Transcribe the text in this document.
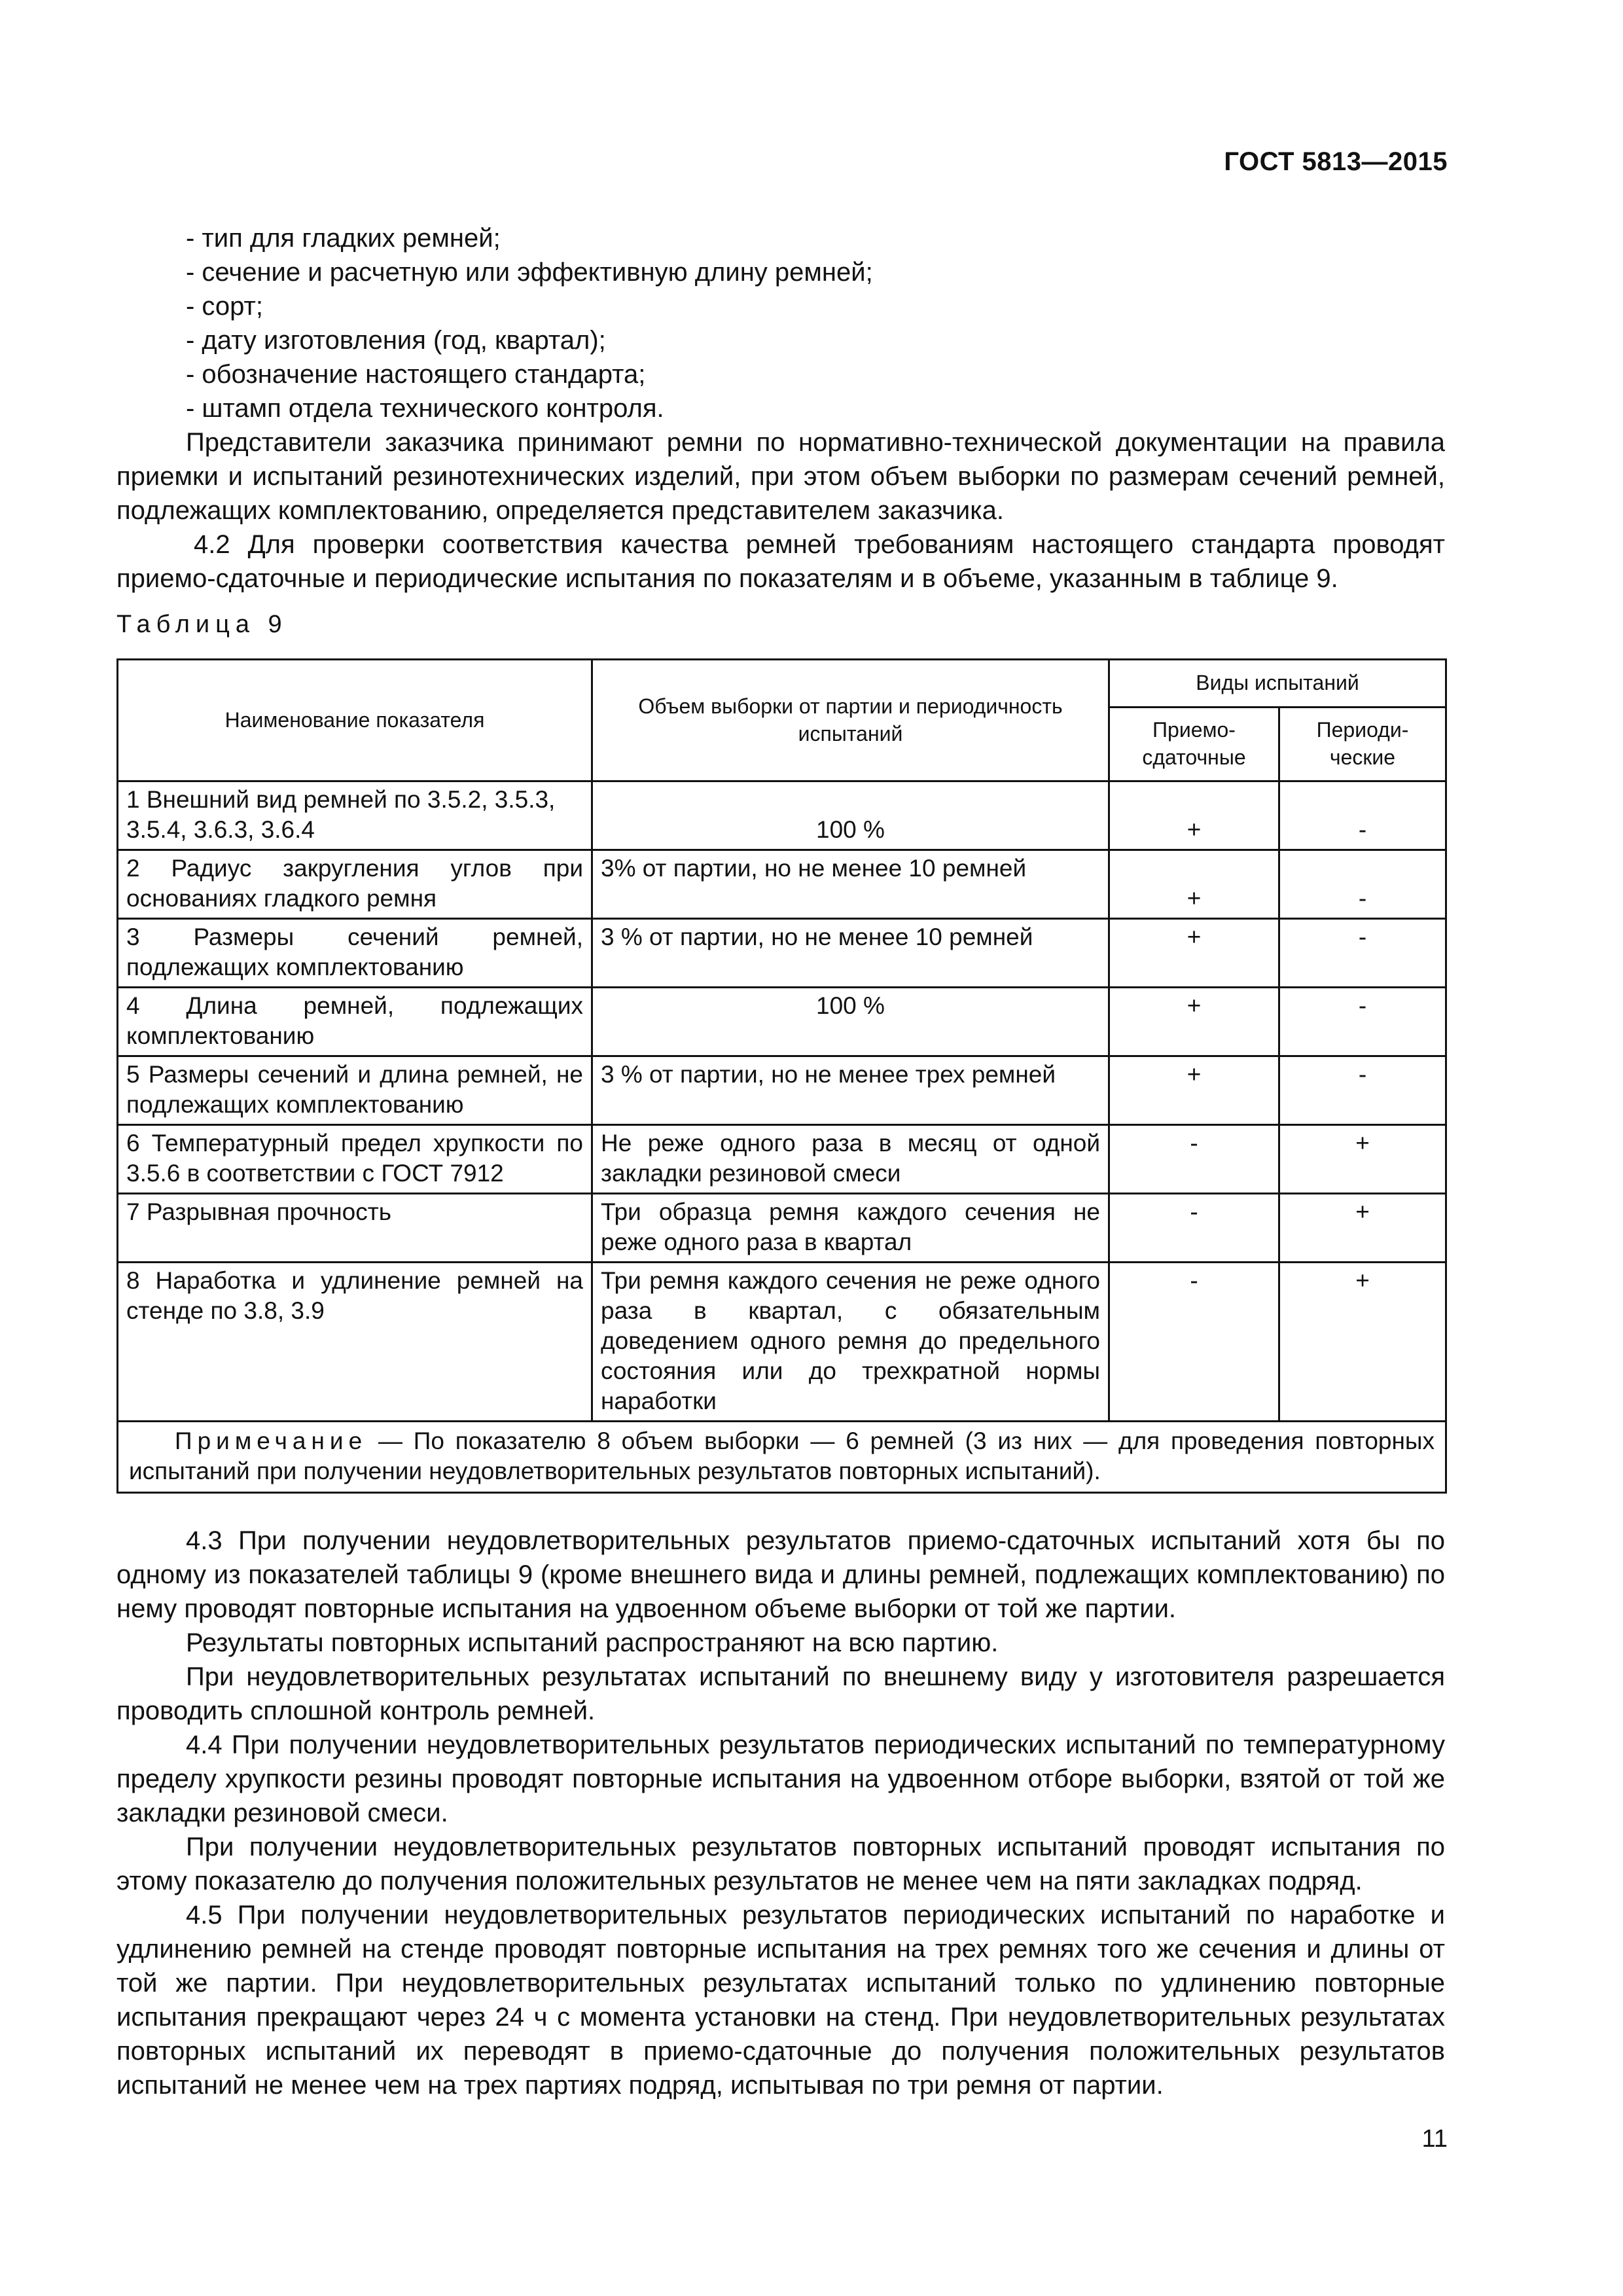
ГОСТ 5813—2015

- тип для гладких ремней;

- сечение и расчетную или эффективную длину ремней;

- сорт;

- дату изготовления (год, квартал);

- обозначение настоящего стандарта;

- штамп отдела технического контроля.

Представители заказчика принимают ремни по нормативно-технической документации на правила приемки и испытаний резинотехнических изделий, при этом объем выборки по размерам сечений ремней, подлежащих комплектованию, определяется представителем заказчика.

4.2 Для проверки соответствия качества ремней требованиям настоящего стандарта проводят приемо-сдаточные и периодические испытания по показателям и в объеме, указанным в таблице 9.

Таблица 9
Наименование показателя	Объем выборки от партии и периодичность испытаний	Виды испытаний	
		Приемо-сдаточные	Периоди-ческие
1 Внешний вид ремней по 3.5.2, 3.5.3, 3.5.4, 3.6.3, 3.6.4	100 %	+	-
2 Радиус закругления углов при основаниях гладкого ремня	3% от партии, но не менее 10 ремней	+	-
3 Размеры сечений ремней, подлежащих комплектованию	3 % от партии, но не менее 10 ремней	+	-
4 Длина ремней, подлежащих комплектованию	100 %	+	-
5 Размеры сечений и длина ремней, не подлежащих комплектованию	3 % от партии, но не менее трех ремней	+	-
6 Температурный предел хрупкости по 3.5.6 в соответствии с ГОСТ 7912	Не реже одного раза в месяц от одной закладки резиновой смеси	-	+
7 Разрывная прочность	Три образца ремня каждого сечения не реже одного раза в квартал	-	+
8 Наработка и удлинение ремней на стенде по 3.8, 3.9	Три ремня каждого сечения не реже одного раза в квартал, с обязательным доведением одного ремня до предельного состояния или до трехкратной нормы наработки	-	+
Примечание — По показателю 8 объем выборки — 6 ремней (3 из них — для проведения повторных испытаний при получении неудовлетворительных результатов повторных испытаний).			

4.3 При получении неудовлетворительных результатов приемо-сдаточных испытаний хотя бы по одному из показателей таблицы 9 (кроме внешнего вида и длины ремней, подлежащих комплектованию) по нему проводят повторные испытания на удвоенном объеме выборки от той же партии.

Результаты повторных испытаний распространяют на всю партию.

При неудовлетворительных результатах испытаний по внешнему виду у изготовителя разрешается проводить сплошной контроль ремней.

4.4 При получении неудовлетворительных результатов периодических испытаний по температурному пределу хрупкости резины проводят повторные испытания на удвоенном отборе выборки, взятой от той же закладки резиновой смеси.

При получении неудовлетворительных результатов повторных испытаний проводят испытания по этому показателю до получения положительных результатов не менее чем на пяти закладках подряд.

4.5 При получении неудовлетворительных результатов периодических испытаний по наработке и удлинению ремней на стенде проводят повторные испытания на трех ремнях того же сечения и длины от той же партии. При неудовлетворительных результатах испытаний только по удлинению повторные испытания прекращают через 24 ч с момента установки на стенд. При неудовлетворительных результатах повторных испытаний их переводят в приемо-сдаточные до получения положительных результатов испытаний не менее чем на трех партиях подряд, испытывая по три ремня от партии.

11
